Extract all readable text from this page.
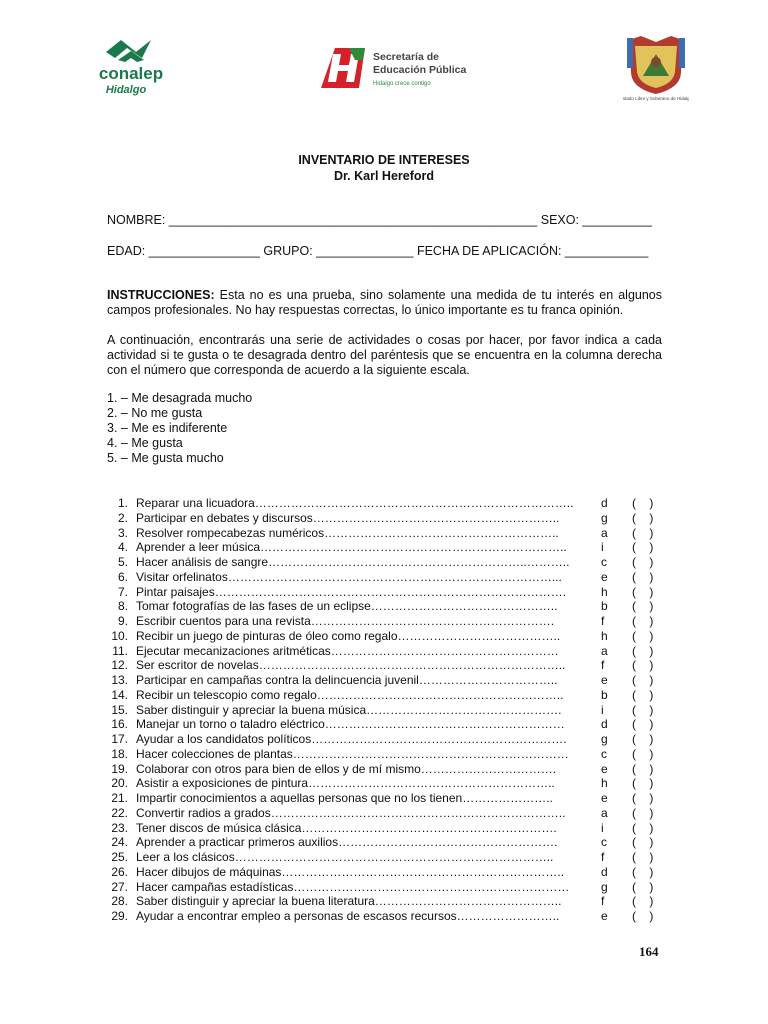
conalep
Hidalgo
Secretaría de
Educación Pública
Hidalgo crece contigo
Estado Libre y Soberano de Hidalgo
INVENTARIO DE INTERESES
Dr. Karl Hereford
NOMBRE: _____________________________________________________ SEXO: __________
EDAD: ________________ GRUPO: ______________ FECHA DE APLICACIÓN: ____________
INSTRUCCIONES: Esta no es una prueba, sino solamente una medida de tu interés en algunos campos profesionales. No hay respuestas correctas, lo único importante es tu franca opinión.
A continuación, encontrarás una serie de actividades o cosas por hacer, por favor indica a cada actividad si te gusta o te desagrada dentro del paréntesis que se encuentra en la columna derecha con el número que corresponda de acuerdo a la siguiente escala.
1. – Me desagrada mucho
2. – No me gusta
3. – Me es indiferente
4. – Me gusta
5. – Me gusta mucho
1. Reparar una licuadora……………………………………………………………………..	d ( )
2. Participar en debates y discursos……………………………………………………..	g ( )
3. Resolver rompecabezas numéricos…………………………………………………..	a ( )
4. Aprender a leer música…………………………………………………………………..	i ( )
5. Hacer análisis de sangre………………………………………………………..………..	c ( )
6. Visitar orfelinatos………………………………………………………………………...	e ( )
7. Pintar paisajes…………………………………………………………………………….	h ( )
8. Tomar fotografías de las fases de un eclipse………………………………………..	b ( )
9. Escribir cuentos para una revista…………………………………………………….	f ( )
10. Recibir un juego de pinturas de óleo como regalo…………………………………..	h ( )
11. Ejecutar mecanizaciones aritméticas…………………………………………………	a ( )
12. Ser escritor de novelas…………………………………………………………………..	f ( )
13. Participar en campañas contra la delincuencia juvenil……………………………..	e ( )
14. Recibir un telescopio como regalo……………………………………………………..	b ( )
15. Saber distinguir y apreciar la buena música………………………………………….	i ( )
16. Manejar un torno o taladro eléctrico……………………………………………………	d ( )
17. Ayudar a los candidatos políticos……………………………………………………….	g ( )
18. Hacer colecciones de plantas……………………………………………………………	c ( )
19. Colaborar con otros para bien de ellos y de mí mismo…………………………….	e ( )
20. Asistir a exposiciones de pintura……………………………………………………..	h ( )
21. Impartir conocimientos a aquellas personas que no los tienen…………………..	e ( )
22. Convertir radios a grados………………………………………………………………..	a ( )
23. Tener discos de música clásica……………………………………………………….	i ( )
24. Aprender a practicar primeros auxilios……………………………………………….	c ( )
25. Leer a los clásicos……………………………………………………………………..	f ( )
26. Hacer dibujos de máquinas……………………………………………………………..	d ( )
27. Hacer campañas estadísticas……………………………………………………………	g ( )
28. Saber distinguir y apreciar la buena literatura………………………………………..	f ( )
29. Ayudar a encontrar empleo a personas de escasos recursos……………………..	e ( )
164
